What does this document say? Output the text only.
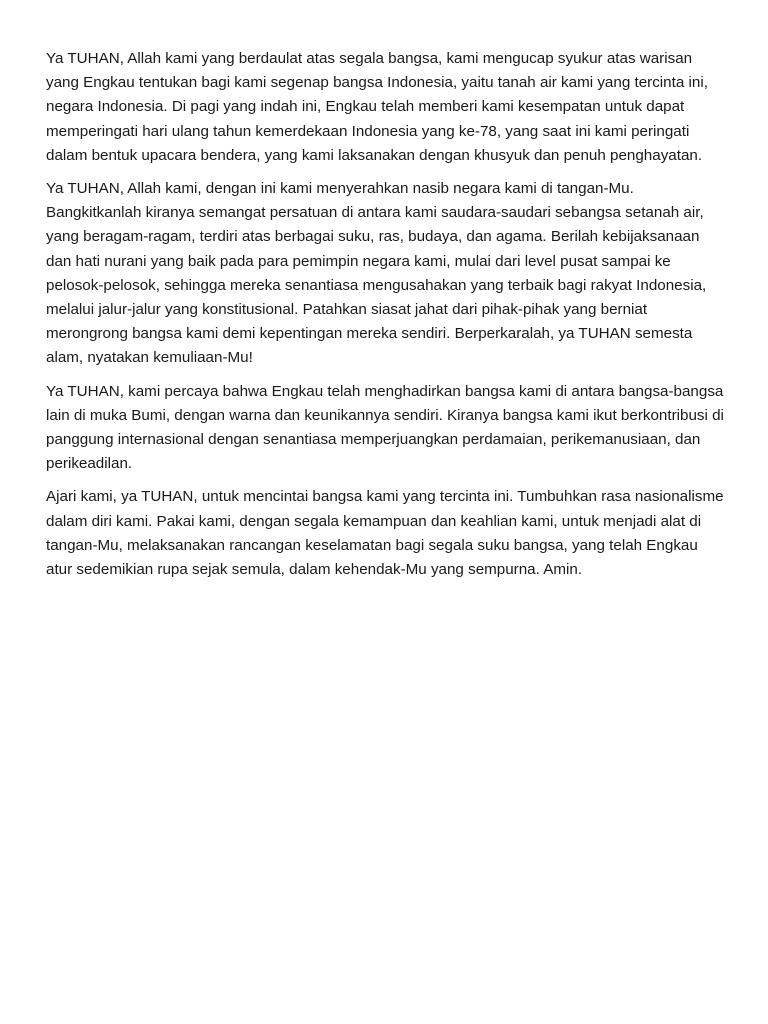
Ya TUHAN, Allah kami yang berdaulat atas segala bangsa, kami mengucap syukur atas warisan yang Engkau tentukan bagi kami segenap bangsa Indonesia, yaitu tanah air kami yang tercinta ini, negara Indonesia. Di pagi yang indah ini, Engkau telah memberi kami kesempatan untuk dapat memperingati hari ulang tahun kemerdekaan Indonesia yang ke-78, yang saat ini kami peringati dalam bentuk upacara bendera, yang kami laksanakan dengan khusyuk dan penuh penghayatan.

Ya TUHAN, Allah kami, dengan ini kami menyerahkan nasib negara kami di tangan-Mu. Bangkitkanlah kiranya semangat persatuan di antara kami saudara-saudari sebangsa setanah air, yang beragam-ragam, terdiri atas berbagai suku, ras, budaya, dan agama. Berilah kebijaksanaan dan hati nurani yang baik pada para pemimpin negara kami, mulai dari level pusat sampai ke pelosok-pelosok, sehingga mereka senantiasa mengusahakan yang terbaik bagi rakyat Indonesia, melalui jalur-jalur yang konstitusional. Patahkan siasat jahat dari pihak-pihak yang berniat merongrong bangsa kami demi kepentingan mereka sendiri. Berperkaralah, ya TUHAN semesta alam, nyatakan kemuliaan-Mu!

Ya TUHAN, kami percaya bahwa Engkau telah menghadirkan bangsa kami di antara bangsa-bangsa lain di muka Bumi, dengan warna dan keunikannya sendiri. Kiranya bangsa kami ikut berkontribusi di panggung internasional dengan senantiasa memperjuangkan perdamaian, perikemanusiaan, dan perikeadilan.

Ajari kami, ya TUHAN, untuk mencintai bangsa kami yang tercinta ini. Tumbuhkan rasa nasionalisme dalam diri kami. Pakai kami, dengan segala kemampuan dan keahlian kami, untuk menjadi alat di tangan-Mu, melaksanakan rancangan keselamatan bagi segala suku bangsa, yang telah Engkau atur sedemikian rupa sejak semula, dalam kehendak-Mu yang sempurna. Amin.
